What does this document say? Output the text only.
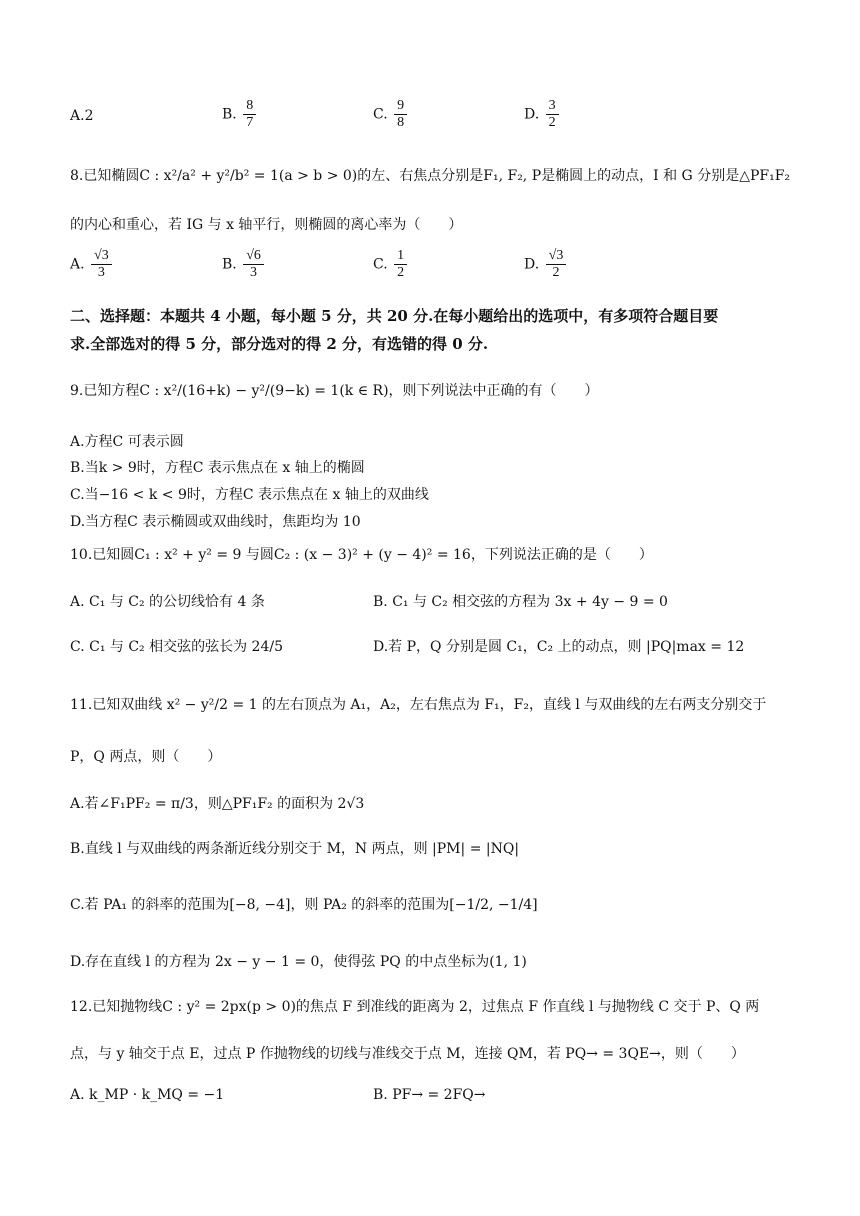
A.2	B. $\frac{8}{7}$	C. $\frac{9}{8}$	D. $\frac{3}{2}$
8.已知椭圆C : x²/a² + y²/b² = 1(a > b > 0)的左、右焦点分别是F₁, F₂, P是椭圆上的动点，I 和 G 分别是△PF₁F₂
的内心和重心，若 IG 与 x 轴平行，则椭圆的离心率为（　　）
A. $\frac{√3}{3}$	B. $\frac{√6}{3}$	C. $\frac{1}{2}$	D. $\frac{√3}{2}$
二、选择题：本题共 4 小题，每小题 5 分，共 20 分.在每小题给出的选项中，有多项符合题目要
求.全部选对的得 5 分，部分选对的得 2 分，有选错的得 0 分.
9.已知方程C : x²/(16+k) − y²/(9−k) = 1(k ∈ R)，则下列说法中正确的有（　　）
A.方程C 可表示圆
B.当k > 9时，方程C 表示焦点在 x 轴上的椭圆
C.当−16 < k < 9时，方程C 表示焦点在 x 轴上的双曲线
D.当方程C 表示椭圆或双曲线时，焦距均为 10
10.已知圆C₁ : x² + y² = 9 与圆C₂ : (x − 3)² + (y − 4)² = 16，下列说法正确的是（　　）
A. C₁ 与 C₂ 的公切线恰有 4 条	B. C₁ 与 C₂ 相交弦的方程为 3x + 4y − 9 = 0
C. C₁ 与 C₂ 相交弦的弦长为 24/5	D.若 P，Q 分别是圆 C₁，C₂ 上的动点，则 |PQ|max = 12
11.已知双曲线 x² − y²/2 = 1 的左右顶点为 A₁，A₂，左右焦点为 F₁，F₂，直线 l 与双曲线的左右两支分别交于
P，Q 两点，则（　　）
A.若∠F₁PF₂ = π/3，则△PF₁F₂ 的面积为 2√3
B.直线 l 与双曲线的两条渐近线分别交于 M，N 两点，则 |PM| = |NQ|
C.若 PA₁ 的斜率的范围为[−8, −4]，则 PA₂ 的斜率的范围为[−1/2, −1/4]
D.存在直线 l 的方程为 2x − y − 1 = 0，使得弦 PQ 的中点坐标为(1, 1)
12.已知抛物线C : y² = 2px(p > 0)的焦点 F 到准线的距离为 2，过焦点 F 作直线 l 与抛物线 C 交于 P、Q 两
点，与 y 轴交于点 E，过点 P 作抛物线的切线与准线交于点 M，连接 QM，若 PQ→ = 3QE→，则（　　）
A. k_MP · k_MQ = −1	B. PF→ = 2FQ→
